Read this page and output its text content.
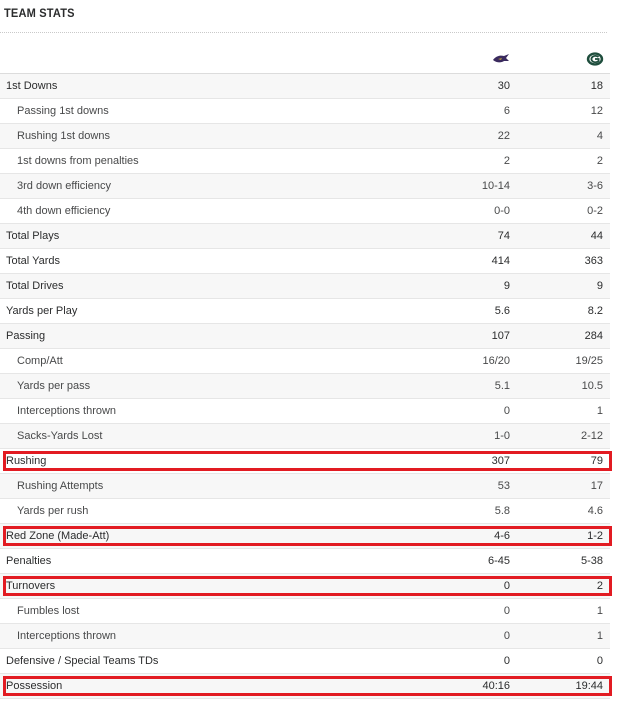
TEAM STATS
1st Downs	30	18
Passing 1st downs	6	12
Rushing 1st downs	22	4
1st downs from penalties	2	2
3rd down efficiency	10-14	3-6
4th down efficiency	0-0	0-2
Total Plays	74	44
Total Yards	414	363
Total Drives	9	9
Yards per Play	5.6	8.2
Passing	107	284
Comp/Att	16/20	19/25
Yards per pass	5.1	10.5
Interceptions thrown	0	1
Sacks-Yards Lost	1-0	2-12
Rushing	307	79
Rushing Attempts	53	17
Yards per rush	5.8	4.6
Red Zone (Made-Att)	4-6	1-2
Penalties	6-45	5-38
Turnovers	0	2
Fumbles lost	0	1
Interceptions thrown	0	1
Defensive / Special Teams TDs	0	0
Possession	40:16	19:44
